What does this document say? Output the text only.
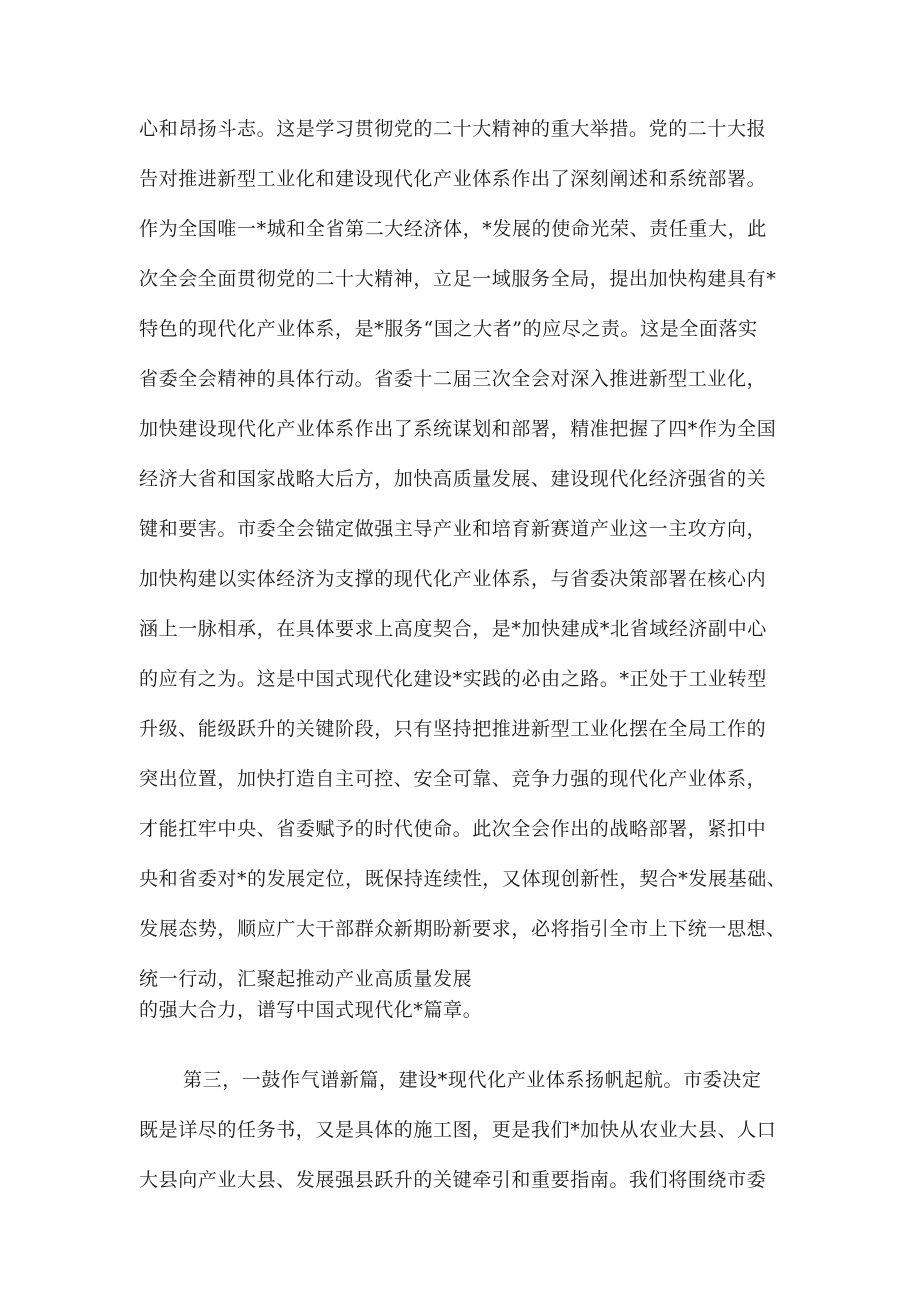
心和昂扬斗志。这是学习贯彻党的二十大精神的重大举措。党的二十大报
告对推进新型工业化和建设现代化产业体系作出了深刻阐述和系统部署。
作为全国唯一*城和全省第二大经济体，*发展的使命光荣、责任重大，此
次全会全面贯彻党的二十大精神，立足一域服务全局，提出加快构建具有*
特色的现代化产业体系，是*服务“国之大者”的应尽之责。这是全面落实
省委全会精神的具体行动。省委十二届三次全会对深入推进新型工业化，
加快建设现代化产业体系作出了系统谋划和部署，精准把握了四*作为全国
经济大省和国家战略大后方，加快高质量发展、建设现代化经济强省的关
键和要害。市委全会锚定做强主导产业和培育新赛道产业这一主攻方向，
加快构建以实体经济为支撑的现代化产业体系，与省委决策部署在核心内
涵上一脉相承，在具体要求上高度契合，是*加快建成*北省域经济副中心
的应有之为。这是中国式现代化建设*实践的必由之路。*正处于工业转型
升级、能级跃升的关键阶段，只有坚持把推进新型工业化摆在全局工作的
突出位置，加快打造自主可控、安全可靠、竞争力强的现代化产业体系，
才能扛牢中央、省委赋予的时代使命。此次全会作出的战略部署，紧扣中
央和省委对*的发展定位，既保持连续性，又体现创新性，契合*发展基础、
发展态势，顺应广大干部群众新期盼新要求，必将指引全市上下统一思想、
统一行动，汇聚起推动产业高质量发展
的强大合力，谱写中国式现代化*篇章。
第三，一鼓作气谱新篇，建设*现代化产业体系扬帆起航。市委决定
既是详尽的任务书，又是具体的施工图，更是我们*加快从农业大县、人口
大县向产业大县、发展强县跃升的关键牵引和重要指南。我们将围绕市委
